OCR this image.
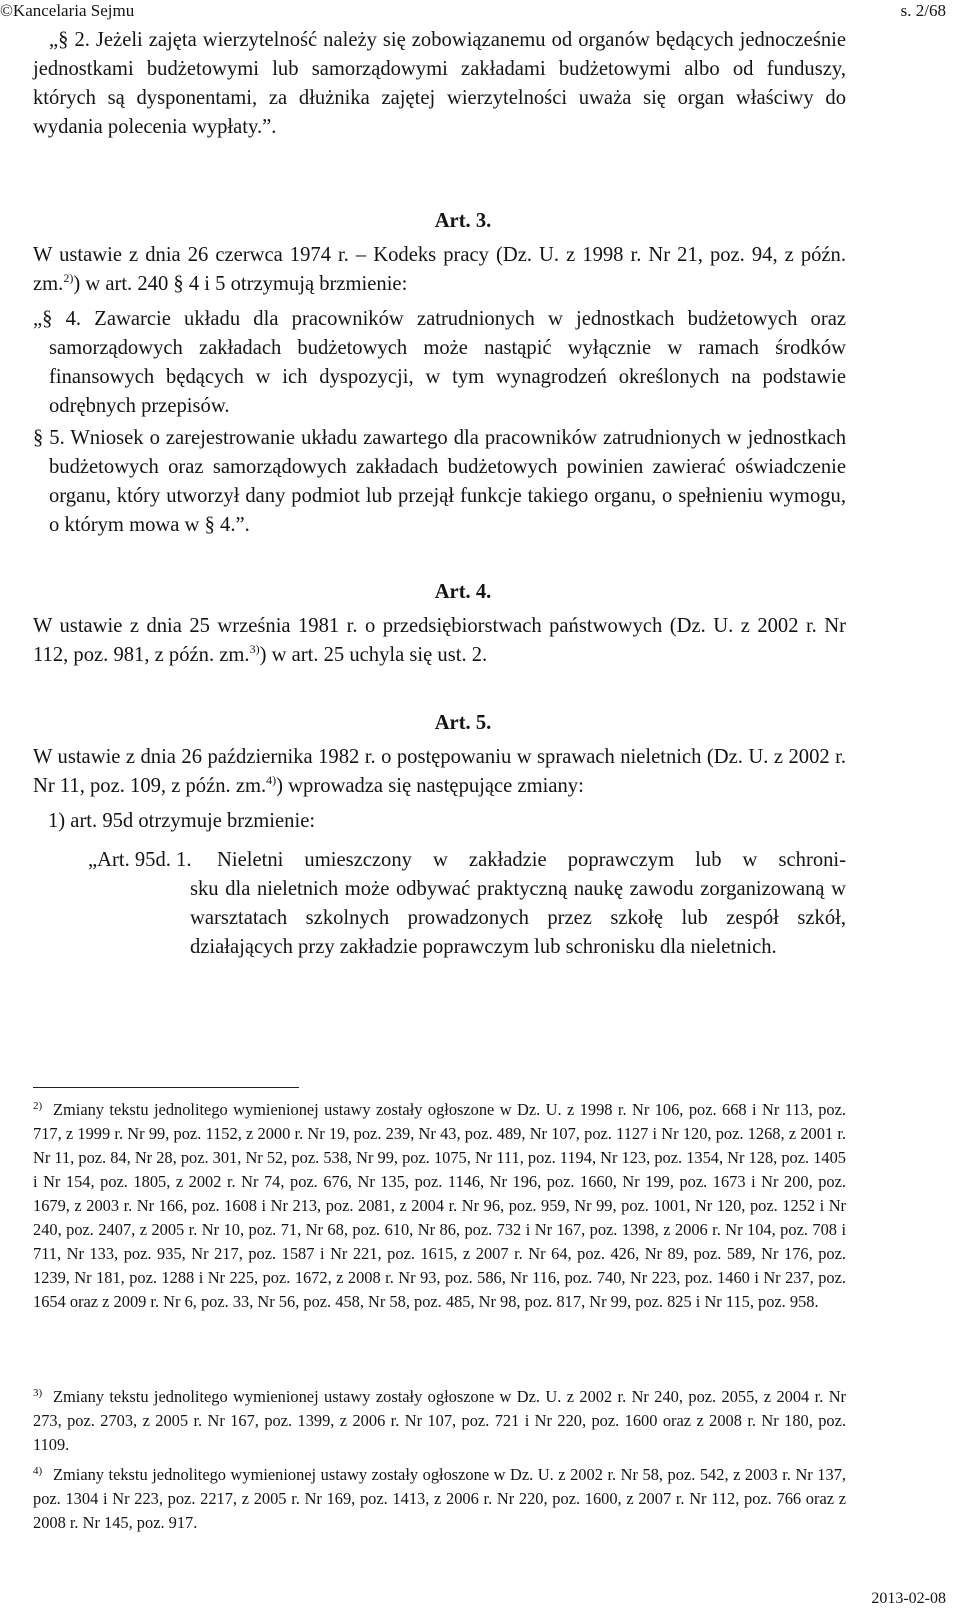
©Kancelaria Sejmu	s. 2/68
„§ 2. Jeżeli zajęta wierzytelność należy się zobowiązanemu od organów będących jednocześnie jednostkami budżetowymi lub samorządowymi zakładami budżetowymi albo od funduszy, których są dysponentami, za dłużnika zajętej wierzytelności uważa się organ właściwy do wydania polecenia wypłaty.”.
Art. 3.
W ustawie z dnia 26 czerwca 1974 r. – Kodeks pracy (Dz. U. z 1998 r. Nr 21, poz. 94, z późn. zm.$^{2)}$) w art. 240 § 4 i 5 otrzymują brzmienie:
„§ 4. Zawarcie układu dla pracowników zatrudnionych w jednostkach budżetowych oraz samorządowych zakładach budżetowych może nastąpić wyłącznie w ramach środków finansowych będących w ich dyspozycji, w tym wynagrodzeń określonych na podstawie odrębnych przepisów.
§ 5. Wniosek o zarejestrowanie układu zawartego dla pracowników zatrudnionych w jednostkach budżetowych oraz samorządowych zakładach budżetowych powinien zawierać oświadczenie organu, który utworzył dany podmiot lub przejął funkcje takiego organu, o spełnieniu wymogu, o którym mowa w § 4.”.
Art. 4.
W ustawie z dnia 25 września 1981 r. o przedsiębiorstwach państwowych (Dz. U. z 2002 r. Nr 112, poz. 981, z późn. zm.$^{3)}$) w art. 25 uchyla się ust. 2.
Art. 5.
W ustawie z dnia 26 października 1982 r. o postępowaniu w sprawach nieletnich (Dz. U. z 2002 r. Nr 11, poz. 109, z późn. zm.$^{4)}$) wprowadza się następujące zmiany:
1) art. 95d otrzymuje brzmienie:
„Art. 95d. 1. Nieletni umieszczony w zakładzie poprawczym lub w schroni-
sku dla nieletnich może odbywać praktyczną naukę zawodu zorganizowaną w warsztatach szkolnych prowadzonych przez szkołę lub zespół szkół, działających przy zakładzie poprawczym lub schronisku dla nieletnich.
2) Zmiany tekstu jednolitego wymienionej ustawy zostały ogłoszone w Dz. U. z 1998 r. Nr 106, poz. 668 i Nr 113, poz. 717, z 1999 r. Nr 99, poz. 1152, z 2000 r. Nr 19, poz. 239, Nr 43, poz. 489, Nr 107, poz. 1127 i Nr 120, poz. 1268, z 2001 r. Nr 11, poz. 84, Nr 28, poz. 301, Nr 52, poz. 538, Nr 99, poz. 1075, Nr 111, poz. 1194, Nr 123, poz. 1354, Nr 128, poz. 1405 i Nr 154, poz. 1805, z 2002 r. Nr 74, poz. 676, Nr 135, poz. 1146, Nr 196, poz. 1660, Nr 199, poz. 1673 i Nr 200, poz. 1679, z 2003 r. Nr 166, poz. 1608 i Nr 213, poz. 2081, z 2004 r. Nr 96, poz. 959, Nr 99, poz. 1001, Nr 120, poz. 1252 i Nr 240, poz. 2407, z 2005 r. Nr 10, poz. 71, Nr 68, poz. 610, Nr 86, poz. 732 i Nr 167, poz. 1398, z 2006 r. Nr 104, poz. 708 i 711, Nr 133, poz. 935, Nr 217, poz. 1587 i Nr 221, poz. 1615, z 2007 r. Nr 64, poz. 426, Nr 89, poz. 589, Nr 176, poz. 1239, Nr 181, poz. 1288 i Nr 225, poz. 1672, z 2008 r. Nr 93, poz. 586, Nr 116, poz. 740, Nr 223, poz. 1460 i Nr 237, poz. 1654 oraz z 2009 r. Nr 6, poz. 33, Nr 56, poz. 458, Nr 58, poz. 485, Nr 98, poz. 817, Nr 99, poz. 825 i Nr 115, poz. 958.
3) Zmiany tekstu jednolitego wymienionej ustawy zostały ogłoszone w Dz. U. z 2002 r. Nr 240, poz. 2055, z 2004 r. Nr 273, poz. 2703, z 2005 r. Nr 167, poz. 1399, z 2006 r. Nr 107, poz. 721 i Nr 220, poz. 1600 oraz z 2008 r. Nr 180, poz. 1109.
4) Zmiany tekstu jednolitego wymienionej ustawy zostały ogłoszone w Dz. U. z 2002 r. Nr 58, poz. 542, z 2003 r. Nr 137, poz. 1304 i Nr 223, poz. 2217, z 2005 r. Nr 169, poz. 1413, z 2006 r. Nr 220, poz. 1600, z 2007 r. Nr 112, poz. 766 oraz z 2008 r. Nr 145, poz. 917.
2013-02-08
